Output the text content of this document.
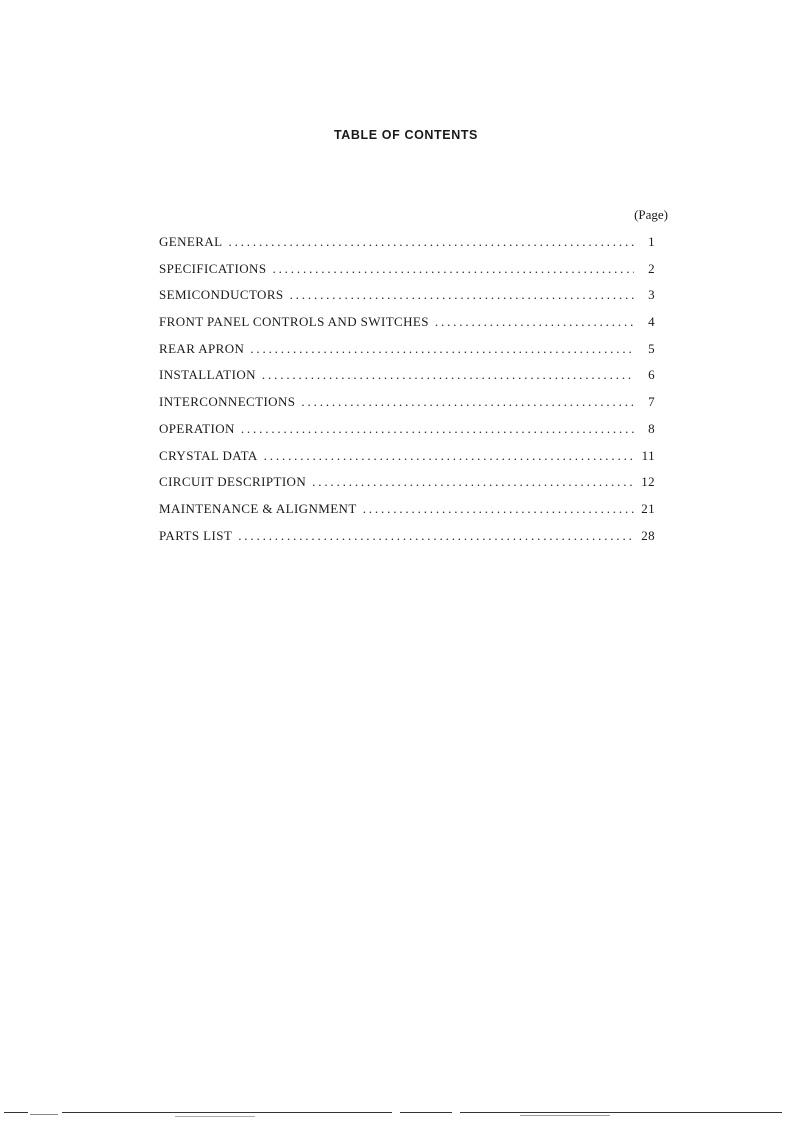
TABLE OF CONTENTS
(Page)
GENERAL . . .	1
SPECIFICATIONS . . .	2
SEMICONDUCTORS . . .	3
FRONT PANEL CONTROLS AND SWITCHES . . .	4
REAR APRON . . .	5
INSTALLATION . . .	6
INTERCONNECTIONS . . .	7
OPERATION . . .	8
CRYSTAL DATA . . .	11
CIRCUIT DESCRIPTION . . .	12
MAINTENANCE & ALIGNMENT . . .	21
PARTS LIST . . .	28
